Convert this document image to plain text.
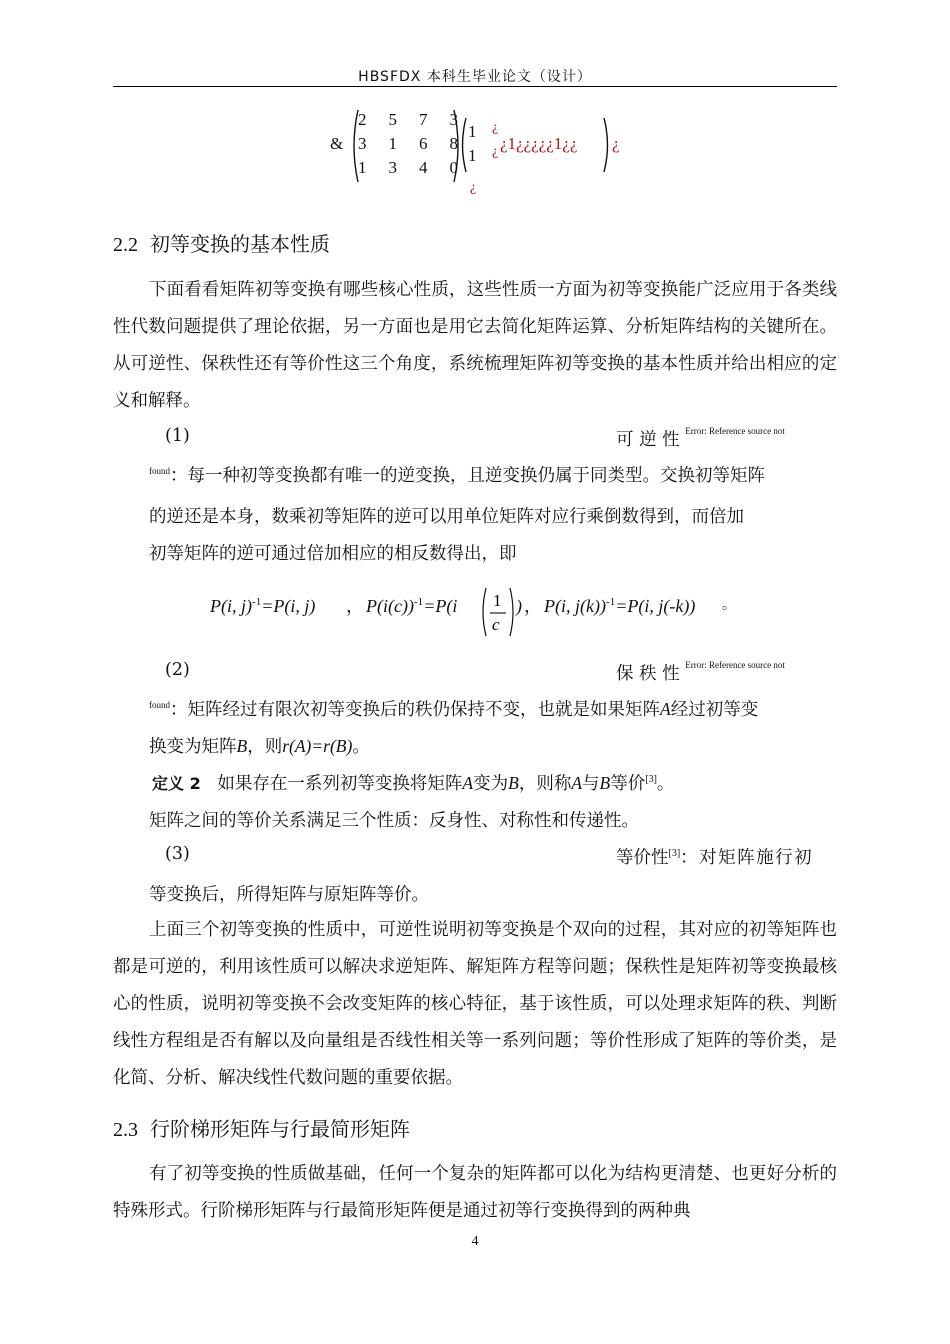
HBSFDX 本科生毕业论文（设计）
&
2 5 7 3
3 1 6 8
1 3 4 0
1
1
¿
¿ ¿1¿¿¿¿¿1¿¿ ¿
¿
2.2 初等变换的基本性质
下面看看矩阵初等变换有哪些核心性质，这些性质一方面为初等变换能广泛应用于各类线性代数问题提供了理论依据，另一方面也是用它去简化矩阵运算、分析矩阵结构的关键所在。从可逆性、保秩性还有等价性这三个角度，系统梳理矩阵初等变换的基本性质并给出相应的定义和解释。
(1)	可 逆 性 $^{Error: Reference source not}$
$^{found}$：每一种初等变换都有唯一的逆变换，且逆变换仍属于同类型。交换初等矩阵
的逆还是本身，数乘初等矩阵的逆可以用单位矩阵对应行乘倒数得到，而倍加
初等矩阵的逆可通过倍加相应的相反数得出，即
P(i, j)$^{-1}$=P(i, j) ， $P(i(c))^{-1}=P(i$ 1
c
) ， P(i, j(k))$^{-1}$=P(i, j(-k)) 。
(2)	保 秩 性 $^{Error: Reference source not}$
$^{found}$：矩阵经过有限次初等变换后的秩仍保持不变，也就是如果矩阵A经过初等变
换变为矩阵B，则r(A)=r(B)。
定义 2 如果存在一系列初等变换将矩阵A变为B，则称A与B等价[3]。
矩阵之间的等价关系满足三个性质：反身性、对称性和传递性。
(3)	等价性[3]：对矩阵施行初
等变换后，所得矩阵与原矩阵等价。
上面三个初等变换的性质中，可逆性说明初等变换是个双向的过程，其对应的初等矩阵也都是可逆的，利用该性质可以解决求逆矩阵、解矩阵方程等问题；保秩性是矩阵初等变换最核心的性质，说明初等变换不会改变矩阵的核心特征，基于该性质，可以处理求矩阵的秩、判断线性方程组是否有解以及向量组是否线性相关等一系列问题；等价性形成了矩阵的等价类，是化简、分析、解决线性代数问题的重要依据。
2.3 行阶梯形矩阵与行最简形矩阵
有了初等变换的性质做基础，任何一个复杂的矩阵都可以化为结构更清楚、也更好分析的特殊形式。行阶梯形矩阵与行最简形矩阵便是通过初等行变换得到的两种典
4
